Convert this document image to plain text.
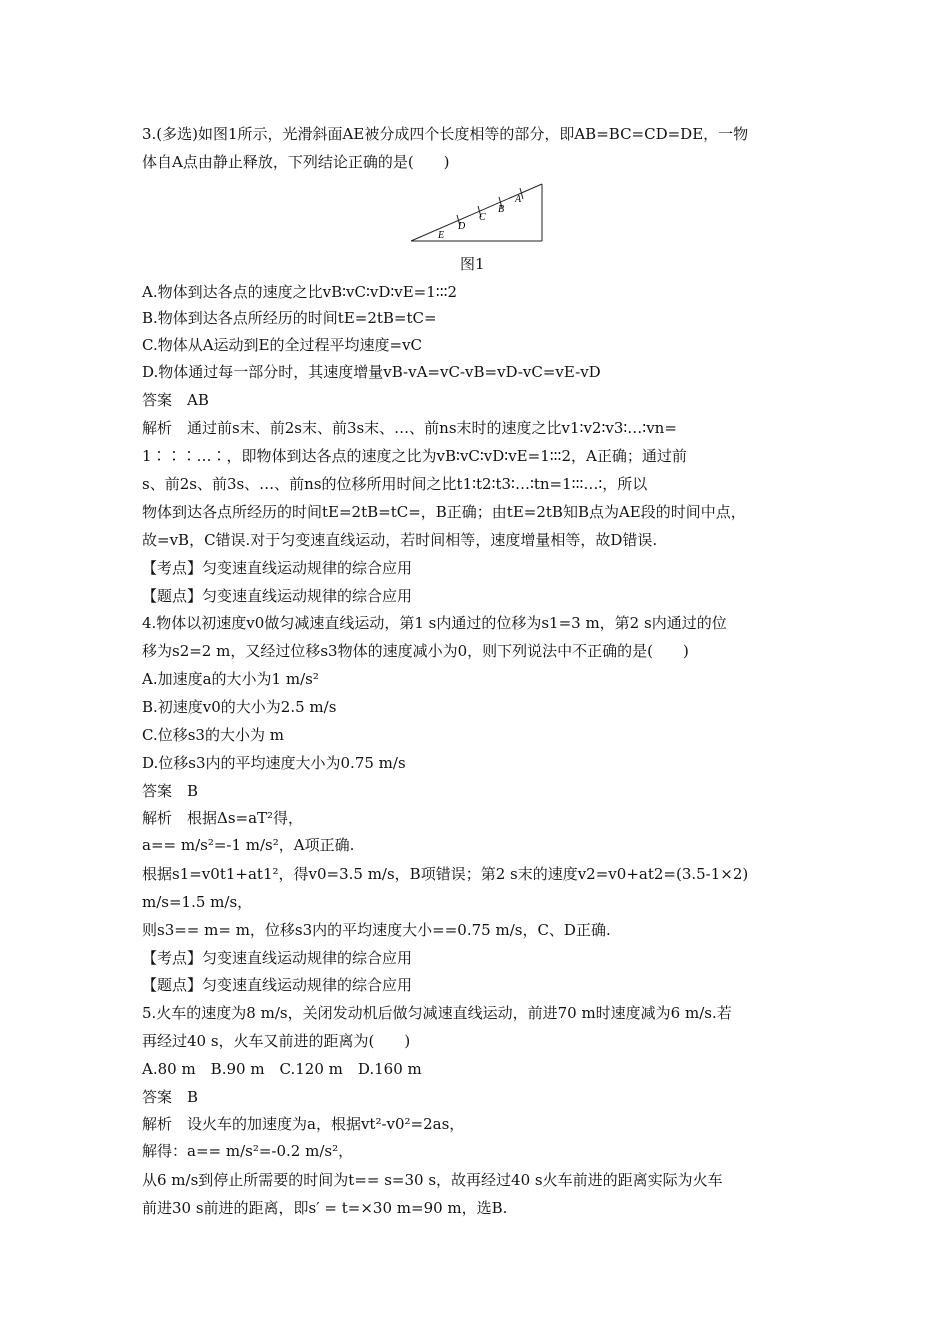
3.(多选)如图1所示，光滑斜面AE被分成四个长度相等的部分，即AB=BC=CD=DE，一物
体自A点由静止释放，下列结论正确的是(　　)
E
D
C
B
A
图1
A.物体到达各点的速度之比vB∶vC∶vD∶vE=1∶∶∶2
B.物体到达各点所经历的时间tE=2tB=tC=
C.物体从A运动到E的全过程平均速度=vC
D.物体通过每一部分时，其速度增量vB-vA=vC-vB=vD-vC=vE-vD
答案　AB
解析　通过前s末、前2s末、前3s末、…、前ns末时的速度之比v1∶v2∶v3∶…∶vn=
1∶∶∶…∶，即物体到达各点的速度之比为vB∶vC∶vD∶vE=1∶∶∶2，A正确；通过前
s、前2s、前3s、…、前ns的位移所用时间之比t1∶t2∶t3∶…∶tn=1∶∶∶…∶，所以
物体到达各点所经历的时间tE=2tB=tC=，B正确；由tE=2tB知B点为AE段的时间中点，
故=vB，C错误.对于匀变速直线运动，若时间相等，速度增量相等，故D错误.
【考点】匀变速直线运动规律的综合应用
【题点】匀变速直线运动规律的综合应用
4.物体以初速度v0做匀减速直线运动，第1 s内通过的位移为s1=3 m，第2 s内通过的位
移为s2=2 m，又经过位移s3物体的速度减小为0，则下列说法中不正确的是(　　)
A.加速度a的大小为1 m/s²
B.初速度v0的大小为2.5 m/s
C.位移s3的大小为 m
D.位移s3内的平均速度大小为0.75 m/s
答案　B
解析　根据Δs=aT²得，
a== m/s²=-1 m/s²，A项正确.
根据s1=v0t1+at1²，得v0=3.5 m/s，B项错误；第2 s末的速度v2=v0+at2=(3.5-1×2)
m/s=1.5 m/s，
则s3== m= m，位移s3内的平均速度大小==0.75 m/s，C、D正确.
【考点】匀变速直线运动规律的综合应用
【题点】匀变速直线运动规律的综合应用
5.火车的速度为8 m/s，关闭发动机后做匀减速直线运动，前进70 m时速度减为6 m/s.若
再经过40 s，火车又前进的距离为(　　)
A.80 m　B.90 m　C.120 m　D.160 m
答案　B
解析　设火车的加速度为a，根据vt²-v0²=2as，
解得：a== m/s²=-0.2 m/s²，
从6 m/s到停止所需要的时间为t== s=30 s，故再经过40 s火车前进的距离实际为火车
前进30 s前进的距离，即s′ = t=×30 m=90 m，选B.
